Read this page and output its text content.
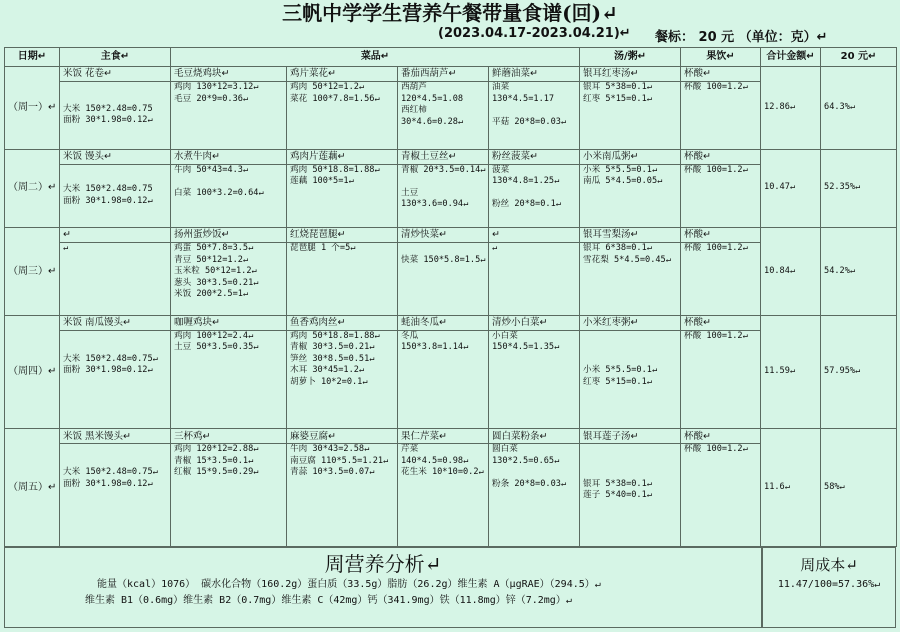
三帆中学学生营养午餐带量食谱(回)↵
(2023.04.17-2023.04.21)↵ 餐标： 20 元 （单位：克）↵
日期↵	主食↵	菜品↵				汤/粥↵	果饮↵	合计金额↵	20 元↵
（周一）↵	米饭 花卷↵	毛豆烧鸡块↵	鸡片菜花↵	番茄西葫芦↵	鲜蘑油菜↵	银耳红枣汤↵	杯酸↵	12.86↵	64.3%↵

	大米 150*2.48=0.75
面粉 30*1.98=0.12↵	鸡肉 130*12=3.12↵
毛豆 20*9=0.36↵	鸡肉 50*12=1.2↵
菜花 100*7.8=1.56↵	西葫芦
120*4.5=1.08
西红柿
30*4.6=0.28↵	油菜
130*4.5=1.17

平菇 20*8=0.03↵	银耳 5*38=0.1↵
红枣 5*15=0.1↵	杯酸 100=1.2↵		

（周二）↵	米饭 馒头↵	水煮牛肉↵	鸡肉片莲藕↵	青椒土豆丝↵	粉丝菠菜↵	小米南瓜粥↵	杯酸↵	10.47↵	52.35%↵

	大米 150*2.48=0.75
面粉 30*1.98=0.12↵	牛肉 50*43=4.3↵

白菜 100*3.2=0.64↵	鸡肉 50*18.8=1.88↵
莲藕 100*5=1↵	青椒 20*3.5=0.14↵

土豆
130*3.6=0.94↵	菠菜
130*4.8=1.25↵

粉丝 20*8=0.1↵	小米 5*5.5=0.1↵
南瓜 5*4.5=0.05↵	杯酸 100=1.2↵		

（周三）↵	↵	扬州蛋炒饭↵	红烧琵琶腿↵	清炒快菜↵	↵	银耳雪梨汤↵	杯酸↵	10.84↵	54.2%↵

	↵	鸡蛋 50*7.8=3.5↵
青豆 50*12=1.2↵
玉米粒 50*12=1.2↵
葱头 30*3.5=0.21↵
米饭 200*2.5=1↵	琵琶腿 1 个=5↵	快菜 150*5.8=1.5↵	↵	银耳 6*38=0.1↵
雪花梨 5*4.5=0.45↵	杯酸 100=1.2↵		

（周四）↵	米饭 南瓜馒头↵	咖喱鸡块↵	鱼香鸡肉丝↵	蚝油冬瓜↵	清炒小白菜↵	小米红枣粥↵	杯酸↵	11.59↵	57.95%↵

	大米 150*2.48=0.75↵
面粉 30*1.98=0.12↵	鸡肉 100*12=2.4↵
土豆 50*3.5=0.35↵	鸡肉 50*18.8=1.88↵
青椒 30*3.5=0.21↵
笋丝 30*8.5=0.51↵
木耳 30*45=1.2↵
胡萝卜 10*2=0.1↵	冬瓜
150*3.8=1.14↵	小白菜
150*4.5=1.35↵	小米 5*5.5=0.1↵
红枣 5*15=0.1↵	杯酸 100=1.2↵		

（周五）↵	米饭 黑米馒头↵	三杯鸡↵	麻婆豆腐↵	果仁芹菜↵	圆白菜粉条↵	银耳莲子汤↵	杯酸↵	11.6↵	58%↵

	大米 150*2.48=0.75↵
面粉 30*1.98=0.12↵	鸡肉 120*12=2.88↵
青椒 15*3.5=0.1↵
红椒 15*9.5=0.29↵	牛肉 30*43=2.58↵
南豆腐 110*5.5=1.21↵
青蒜 10*3.5=0.07↵	芹菜
140*4.5=0.98↵
花生米 10*10=0.2↵	圆白菜
130*2.5=0.65↵

粉条 20*8=0.03↵	银耳 5*38=0.1↵
莲子 5*40=0.1↵	杯酸 100=1.2↵		
周营养分析↵
能量（kcal）1076） 碳水化合物（160.2g）蛋白质（33.5g）脂肪（26.2g）维生素 A（μgRAE）（294.5）↵
维生素 B1（0.6mg）维生素 B2（0.7mg）维生素 C（42mg）钙（341.9mg）铁（11.8mg）锌（7.2mg）↵
周成本↵
11.47/100=57.36%↵
